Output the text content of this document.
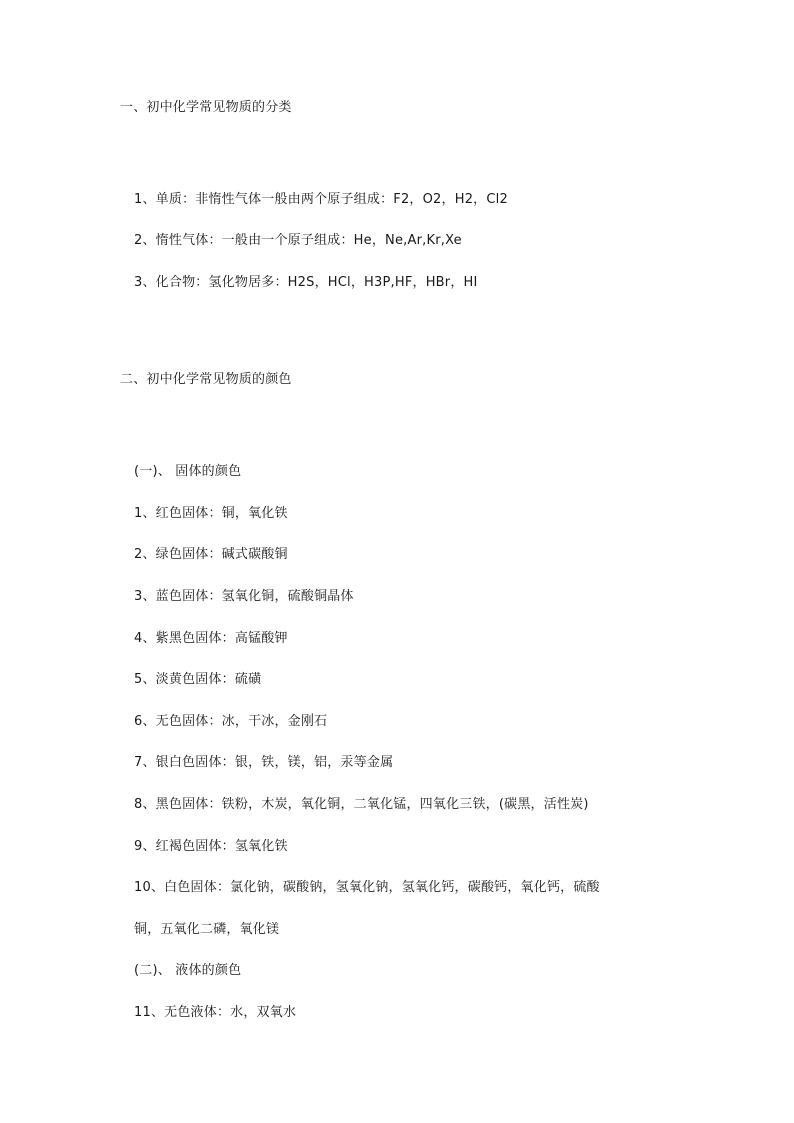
一、初中化学常见物质的分类
1、单质：非惰性气体一般由两个原子组成：F2，O2，H2，Cl2
2、惰性气体：一般由一个原子组成：He，Ne,Ar,Kr,Xe
3、化合物：氢化物居多：H2S，HCl，H3P,HF，HBr，HI
二、初中化学常见物质的颜色
(一)、 固体的颜色
1、红色固体：铜，氧化铁
2、绿色固体：碱式碳酸铜
3、蓝色固体：氢氧化铜，硫酸铜晶体
4、紫黑色固体：高锰酸钾
5、淡黄色固体：硫磺
6、无色固体：冰，干冰，金刚石
7、银白色固体：银，铁，镁，铝，汞等金属
8、黑色固体：铁粉，木炭，氧化铜，二氧化锰，四氧化三铁，(碳黑，活性炭)
9、红褐色固体：氢氧化铁
10、白色固体：氯化钠，碳酸钠，氢氧化钠，氢氧化钙，碳酸钙，氧化钙，硫酸
铜，五氧化二磷，氧化镁
(二)、 液体的颜色
11、无色液体：水，双氧水
